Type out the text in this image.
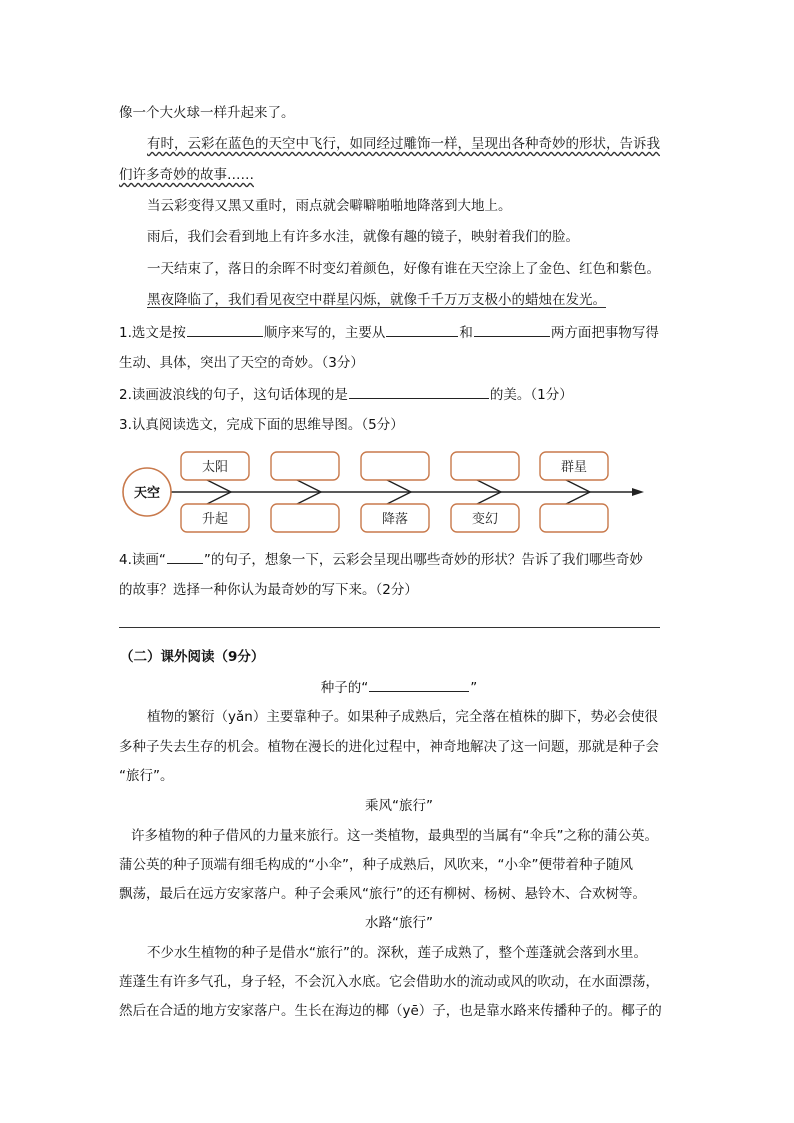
像一个大火球一样升起来了。
有时，云彩在蓝色的天空中飞行，如同经过雕饰一样，呈现出各种奇妙的形状，告诉我
们许多奇妙的故事……
当云彩变得又黑又重时，雨点就会噼噼啪啪地降落到大地上。
雨后，我们会看到地上有许多水洼，就像有趣的镜子，映射着我们的脸。
一天结束了，落日的余晖不时变幻着颜色，好像有谁在天空涂上了金色、红色和紫色。
黑夜降临了，我们看见夜空中群星闪烁，就像千千万万支极小的蜡烛在发光。
1.选文是按	顺序来写的，主要从	和	两方面把事物写得
生动、具体，突出了天空的奇妙。（3分）
2.读画波浪线的句子，这句话体现的是	的美。（1分）
3.认真阅读选文，完成下面的思维导图。（5分）
天空
太阳
升起	降落	变幻
群星
4.读画“	”的句子，想象一下，云彩会呈现出哪些奇妙的形状？告诉了我们哪些奇妙
的故事？选择一种你认为最奇妙的写下来。（2分）
（二）课外阅读（9分）
种子的“	”
植物的繁衍（yǎn）主要靠种子。如果种子成熟后，完全落在植株的脚下，势必会使很
多种子失去生存的机会。植物在漫长的进化过程中，神奇地解决了这一问题，那就是种子会
“旅行”。
乘风“旅行”
许多植物的种子借风的力量来旅行。这一类植物，最典型的当属有“伞兵”之称的蒲公英。
蒲公英的种子顶端有细毛构成的“小伞”，种子成熟后，风吹来，“小伞”便带着种子随风
飘荡，最后在远方安家落户。种子会乘风“旅行”的还有柳树、杨树、悬铃木、合欢树等。
水路“旅行”
不少水生植物的种子是借水“旅行”的。深秋，莲子成熟了，整个莲蓬就会落到水里。
莲蓬生有许多气孔，身子轻，不会沉入水底。它会借助水的流动或风的吹动，在水面漂荡，
然后在合适的地方安家落户。生长在海边的椰（yē）子，也是靠水路来传播种子的。椰子的
